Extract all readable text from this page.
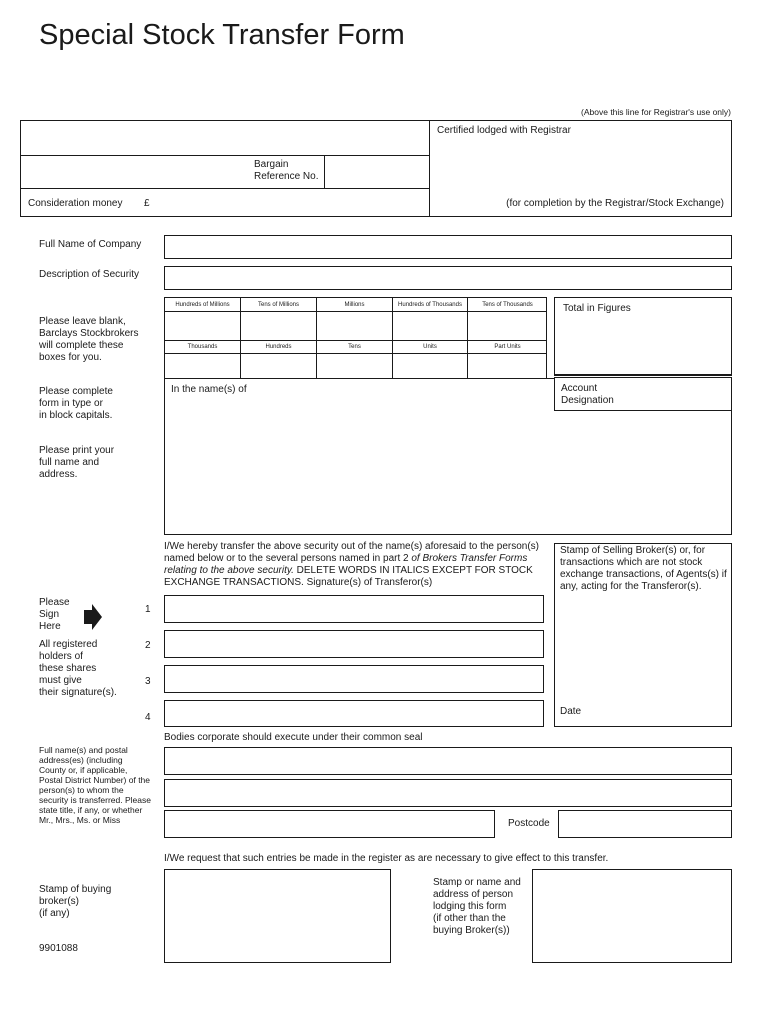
Special Stock Transfer Form
(Above this line for Registrar's use only)
Certified lodged with Registrar
Bargain
Reference No.
Consideration money £	(for completion by the Registrar/Stock Exchange)
Full Name of Company
Description of Security
Please leave blank,
Barclays Stockbrokers
will complete these
boxes for you.
Hundreds of Millions	Tens of Millions	Millions	Hundreds of Thousands	Tens of Thousands
Thousands	Hundreds	Tens	Units	Part Units
Total in Figures
In the name(s) of	Account
Designation
Please complete
form in type or
in block capitals.
Please print your
full name and
address.
I/We hereby transfer the above security out of the name(s) aforesaid to the person(s) named below or to the several persons named in part 2 of Brokers Transfer Forms relating to the above security. DELETE WORDS IN ITALICS EXCEPT FOR STOCK EXCHANGE TRANSACTIONS. Signature(s) of Transferor(s)
Stamp of Selling Broker(s) or, for transactions which are not stock exchange transactions, of Agents(s) if any, acting for the Transferor(s).
Date
Please
Sign
Here
All registered
holders of
these shares
must give
their signature(s).
1
2
3
4
Bodies corporate should execute under their common seal
Full name(s) and postal address(es) (including County or, if applicable, Postal District Number) of the person(s) to whom the security is transferred. Please state title, if any, or whether Mr., Mrs., Ms. or Miss	Postcode
I/We request that such entries be made in the register as are necessary to give effect to this transfer.
Stamp of buying
broker(s)
(if any)
Stamp or name and
address of person
lodging this form
(if other than the
buying Broker(s))
9901088
